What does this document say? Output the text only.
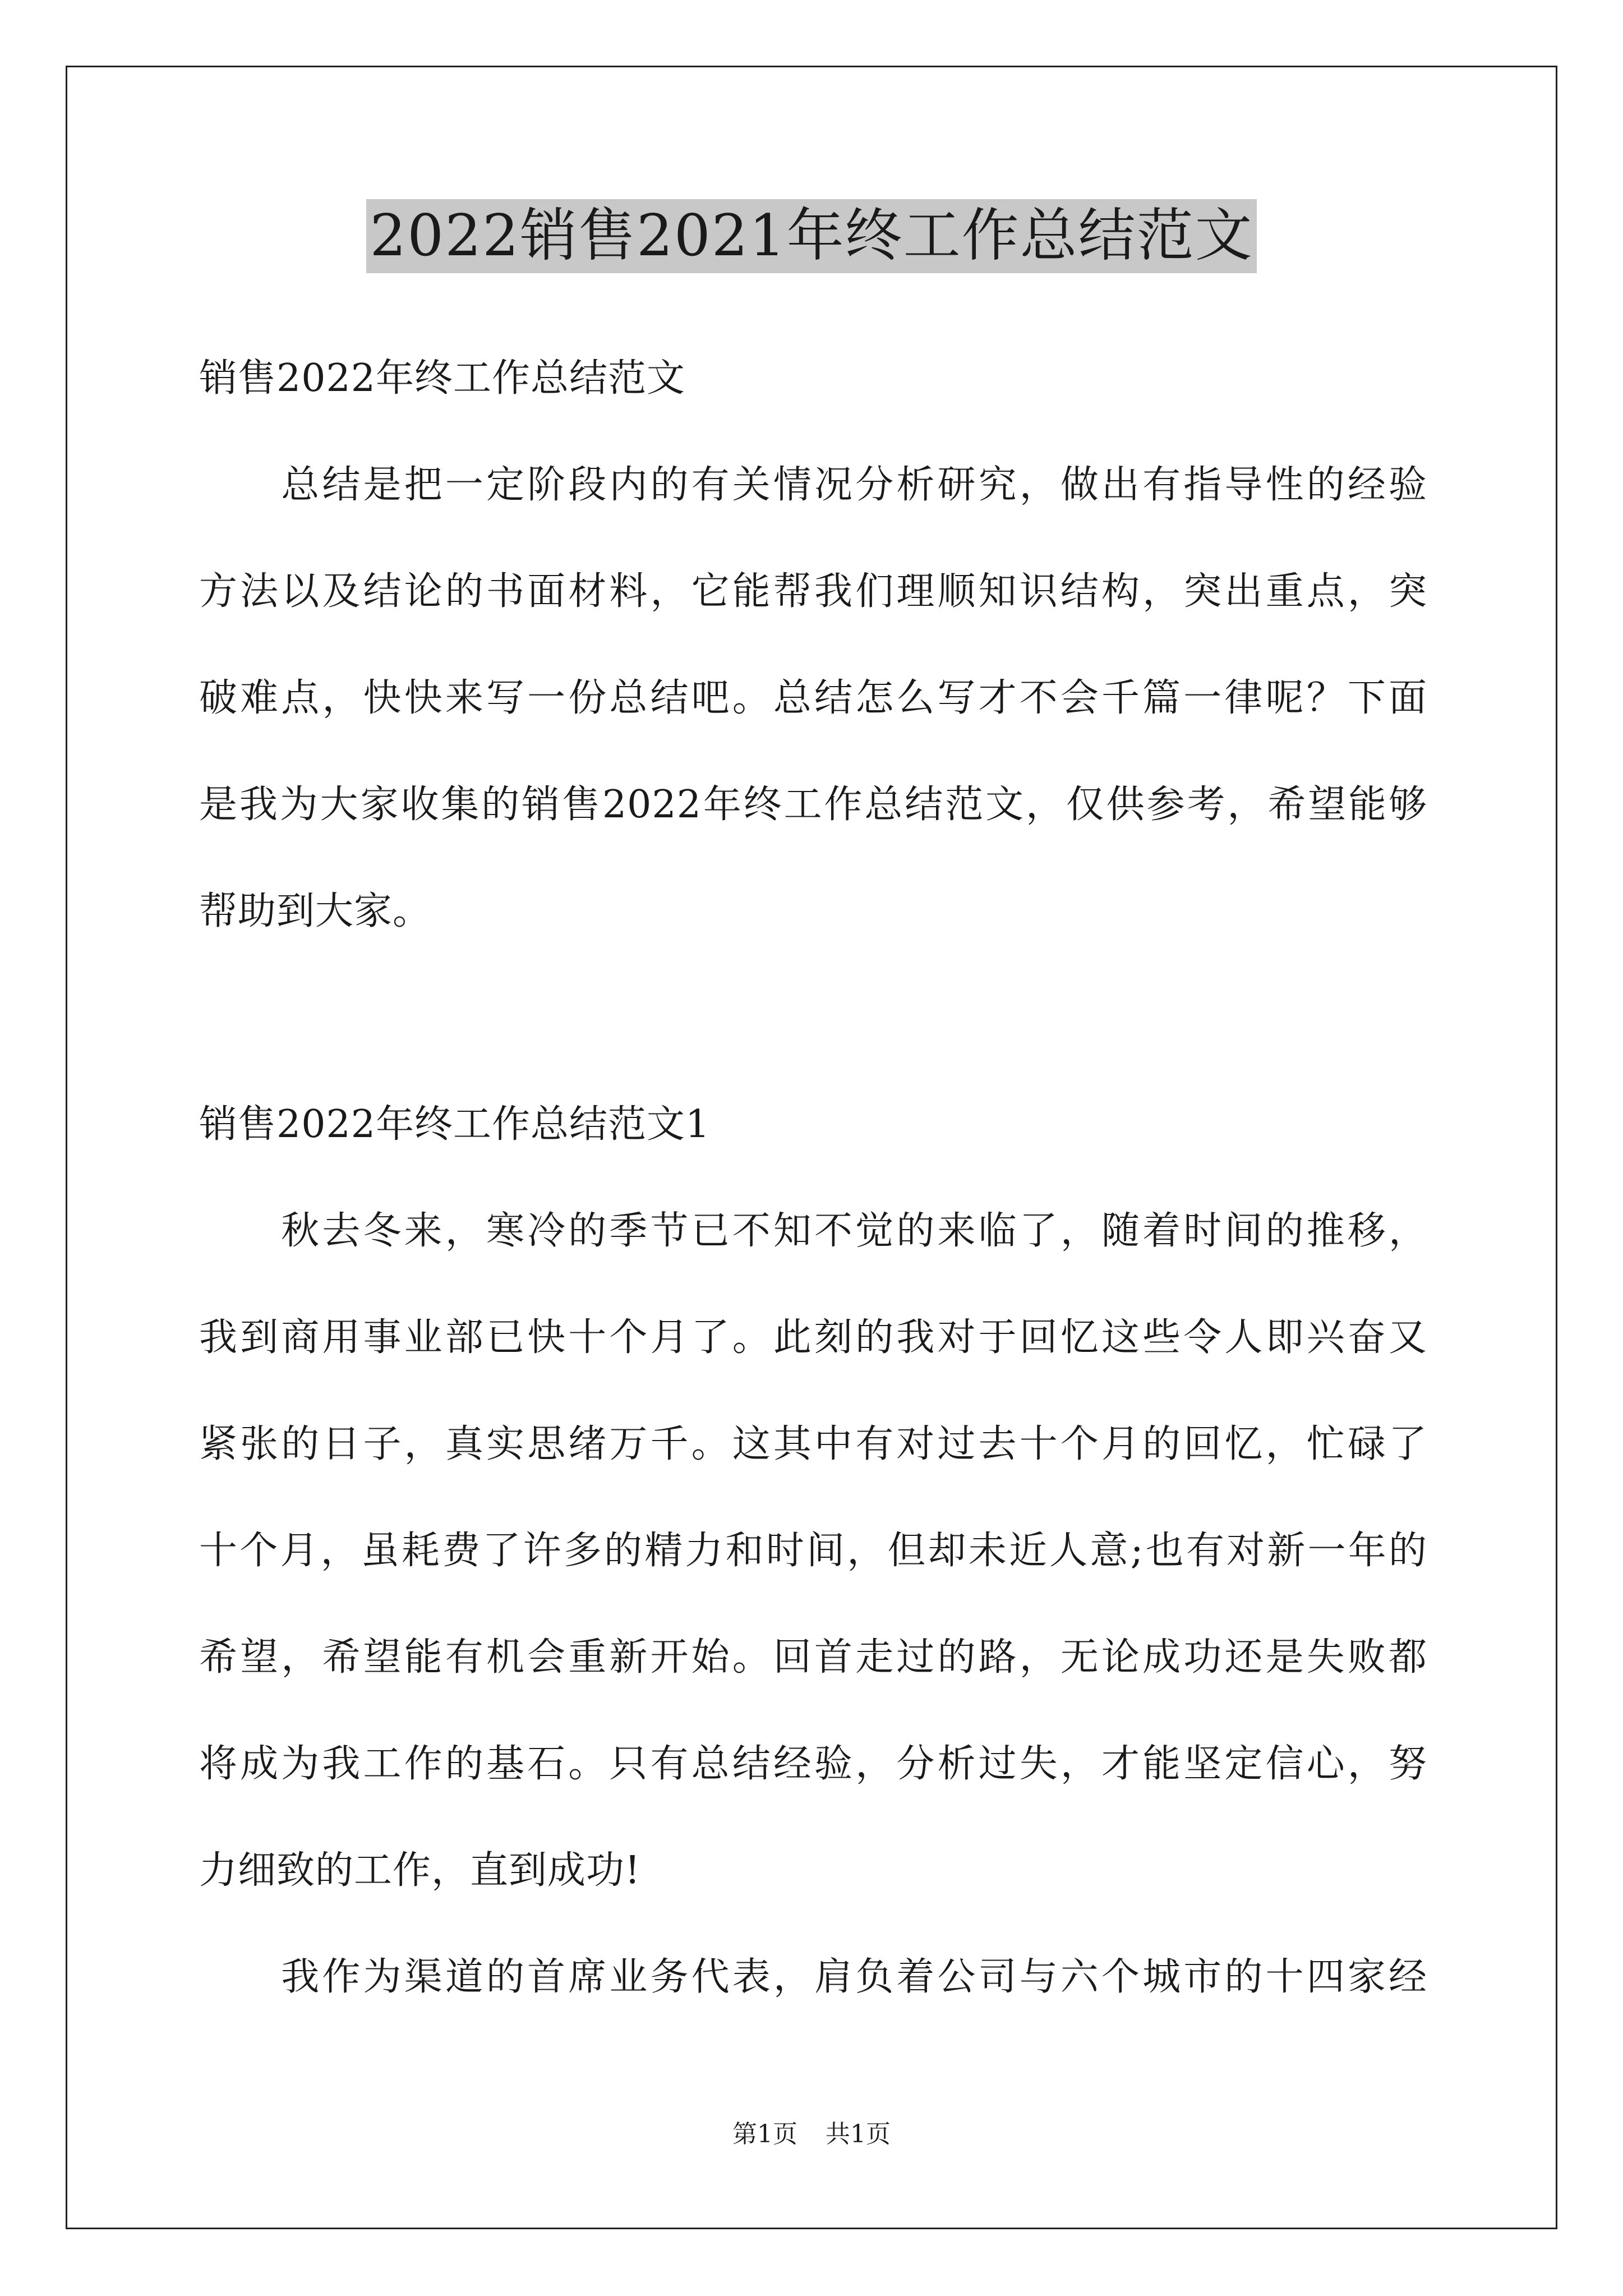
2022销售2021年终工作总结范文
销售2022年终工作总结范文
　　总结是把一定阶段内的有关情况分析研究，做出有指导性的经验
方法以及结论的书面材料，它能帮我们理顺知识结构，突出重点，突
破难点，快快来写一份总结吧。总结怎么写才不会千篇一律呢？下面
是我为大家收集的销售2022年终工作总结范文，仅供参考，希望能够
帮助到大家。
销售2022年终工作总结范文1
　　秋去冬来，寒冷的季节已不知不觉的来临了，随着时间的推移，
我到商用事业部已快十个月了。此刻的我对于回忆这些令人即兴奋又
紧张的日子，真实思绪万千。这其中有对过去十个月的回忆，忙碌了
十个月，虽耗费了许多的精力和时间，但却未近人意;也有对新一年的
希望，希望能有机会重新开始。回首走过的路，无论成功还是失败都
将成为我工作的基石。只有总结经验，分析过失，才能坚定信心，努
力细致的工作，直到成功!
　　我作为渠道的首席业务代表，肩负着公司与六个城市的十四家经
第1页 共1页
